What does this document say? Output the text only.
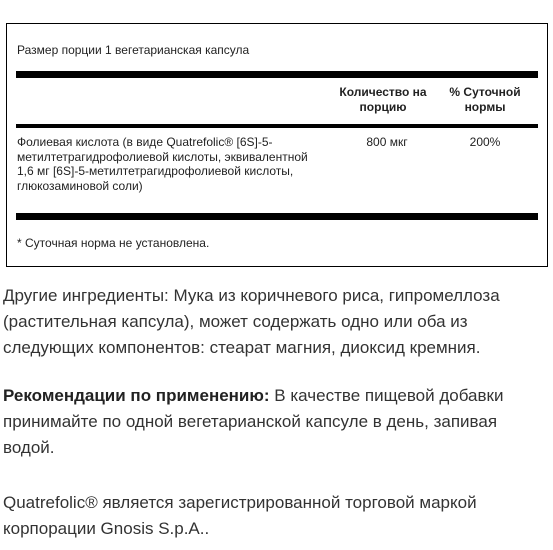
Размер порции 1 вегетарианская капсула
Количество на порцию
% Суточной нормы
Фолиевая кислота (в виде Quatrefolic® [6S]-5-метилтетрагидрофолиевой кислоты, эквивалентной 1,6 мг [6S]-5-метилтетрагидрофолиевой кислоты, глюкозаминовой соли)
800 мкг	200%
* Суточная норма не установлена.

Другие ингредиенты: Мука из коричневого риса, гипромеллоза (растительная капсула), может содержать одно или оба из следующих компонентов: стеарат магния, диоксид кремния.

Рекомендации по применению: В качестве пищевой добавки принимайте по одной вегетарианской капсуле в день, запивая водой.

Quatrefolic® является зарегистрированной торговой маркой корпорации Gnosis S.p.A..
